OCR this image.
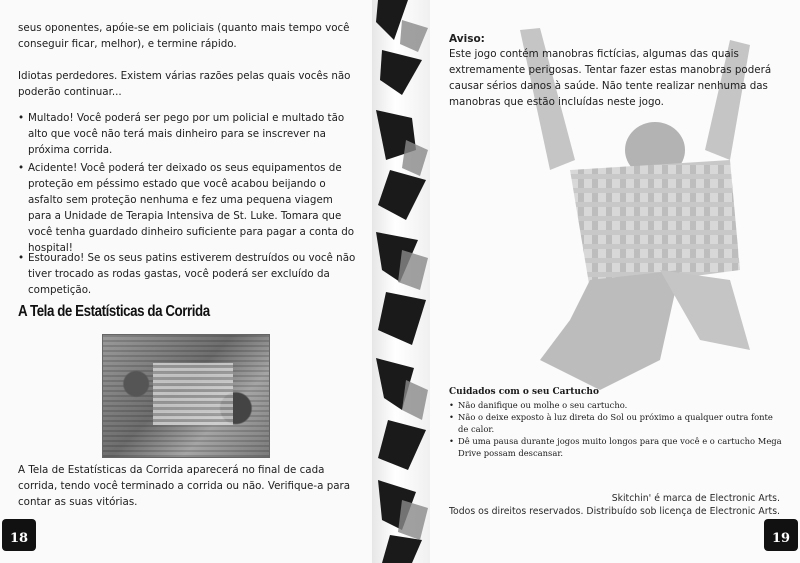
seus oponentes, apóie-se em policiais (quanto mais tempo você
conseguir ficar, melhor), e termine rápido.

Idiotas perdedores. Existem várias razões pelas quais vocês não
poderão continuar...

• Multado! Você poderá ser pego por um policial e multado tão
alto que você não terá mais dinheiro para se inscrever na
próxima corrida.
• Acidente! Você poderá ter deixado os seus equipamentos de
proteção em péssimo estado que você acabou beijando o
asfalto sem proteção nenhuma e fez uma pequena viagem
para a Unidade de Terapia Intensiva de St. Luke. Tomara que
você tenha guardado dinheiro suficiente para pagar a conta do
hospital!
• Estourado! Se os seus patins estiverem destruídos ou você não
tiver trocado as rodas gastas, você poderá ser excluído da
competição.

A Tela de Estatísticas da Corrida aparecerá no final de cada
corrida, tendo você terminado a corrida ou não. Verifique-a para
contar as suas vitórias.

A Tela de Estatísticas da Corrida
18
Aviso:
Este jogo contém manobras fictícias, algumas das quais
extremamente perigosas. Tentar fazer estas manobras poderá
causar sérios danos à saúde. Não tente realizar nenhuma das
manobras que estão incluídas neste jogo.
Cuidados com o seu Cartucho
• Não danifique ou molhe o seu cartucho.
• Não o deixe exposto à luz direta do Sol ou próximo a qualquer outra fonte
de calor.
• Dê uma pausa durante jogos muito longos para que você e o cartucho Mega
Drive possam descansar.
Skitchin' é marca de Electronic Arts.
Todos os direitos reservados. Distribuído sob licença de Electronic Arts.
19
